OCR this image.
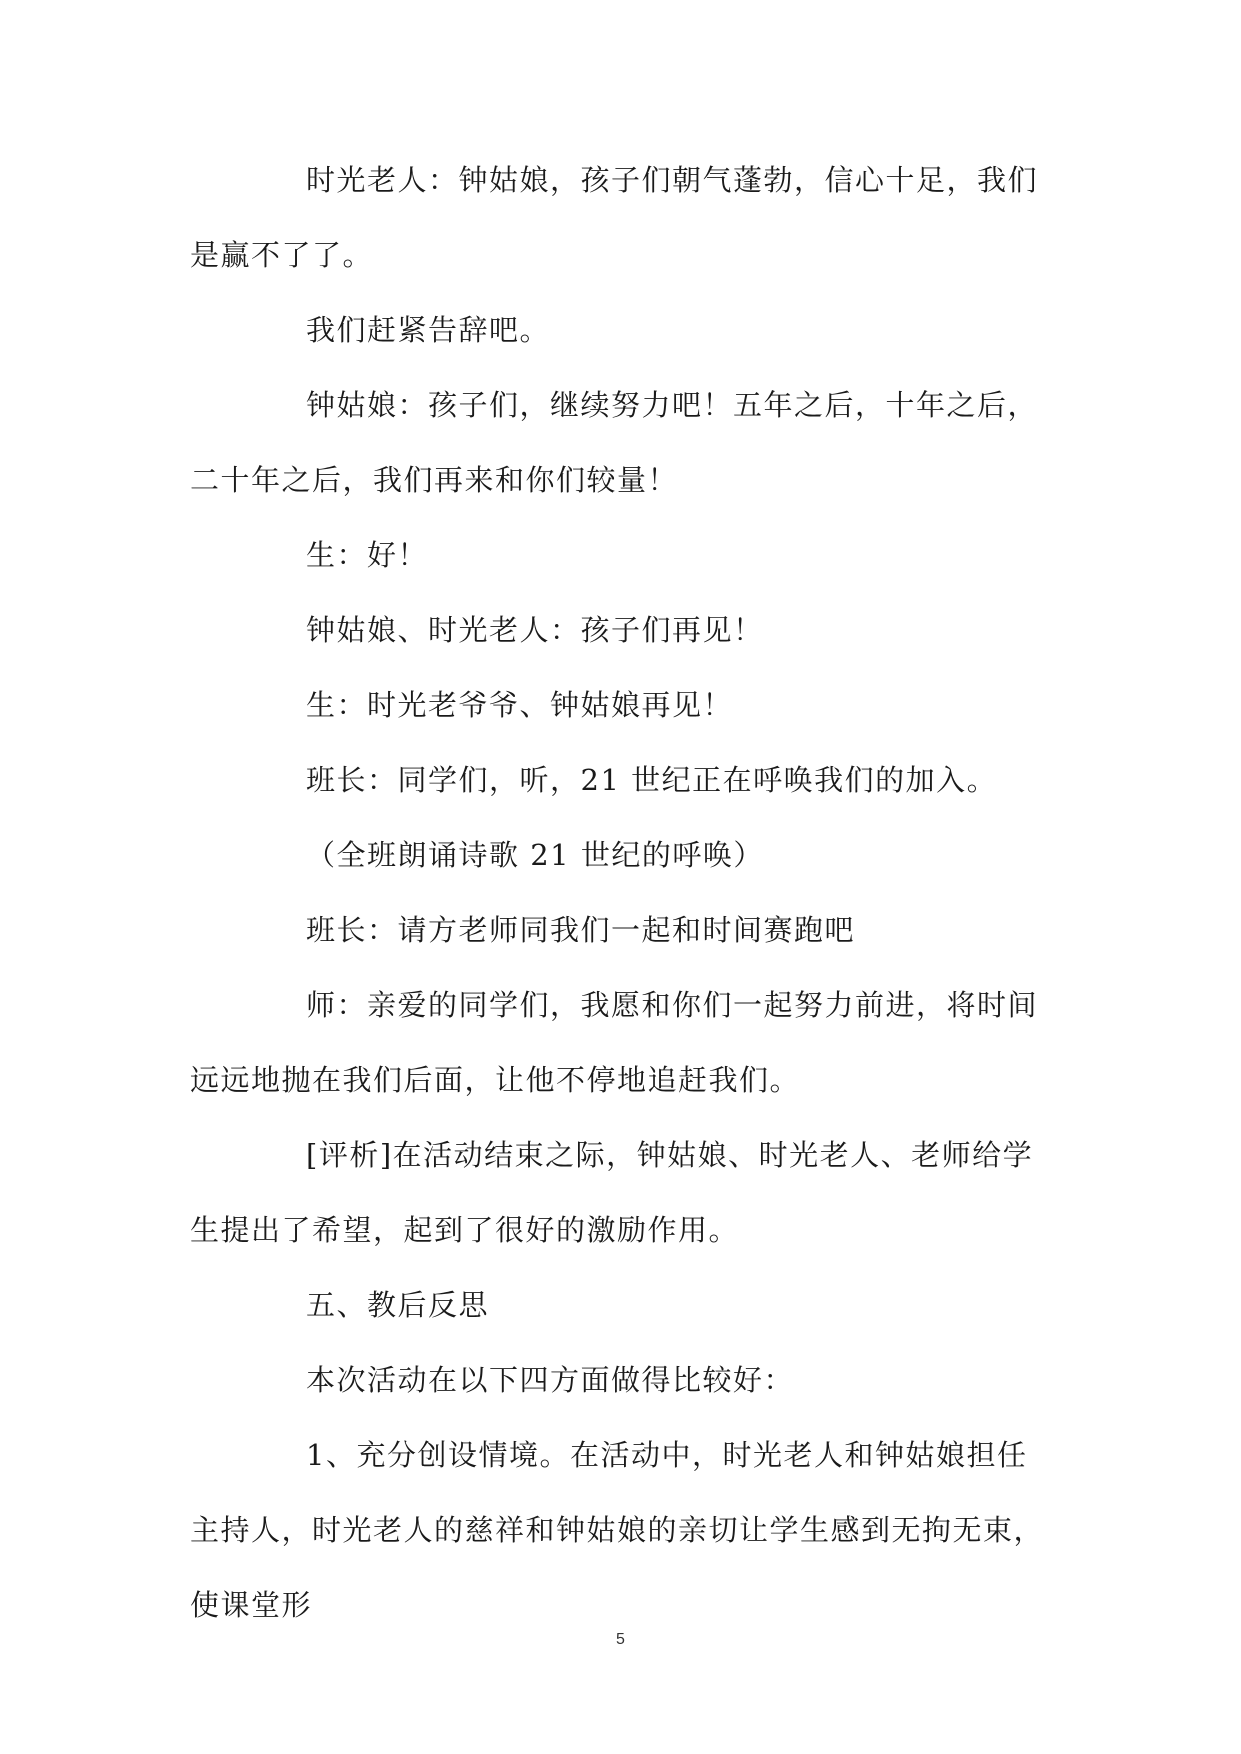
时光老人：钟姑娘，孩子们朝气蓬勃，信心十足，我们是赢不了了。

我们赶紧告辞吧。

钟姑娘：孩子们，继续努力吧！五年之后，十年之后，二十年之后，我们再来和你们较量！

生：好！

钟姑娘、时光老人：孩子们再见！

生：时光老爷爷、钟姑娘再见！

班长：同学们，听，21 世纪正在呼唤我们的加入。

（全班朗诵诗歌 21 世纪的呼唤）

班长：请方老师同我们一起和时间赛跑吧

师：亲爱的同学们，我愿和你们一起努力前进，将时间远远地抛在我们后面，让他不停地追赶我们。

[评析]在活动结束之际，钟姑娘、时光老人、老师给学生提出了希望，起到了很好的激励作用。

五、教后反思

本次活动在以下四方面做得比较好：

1、充分创设情境。在活动中，时光老人和钟姑娘担任主持人，时光老人的慈祥和钟姑娘的亲切让学生感到无拘无束，使课堂形

5
